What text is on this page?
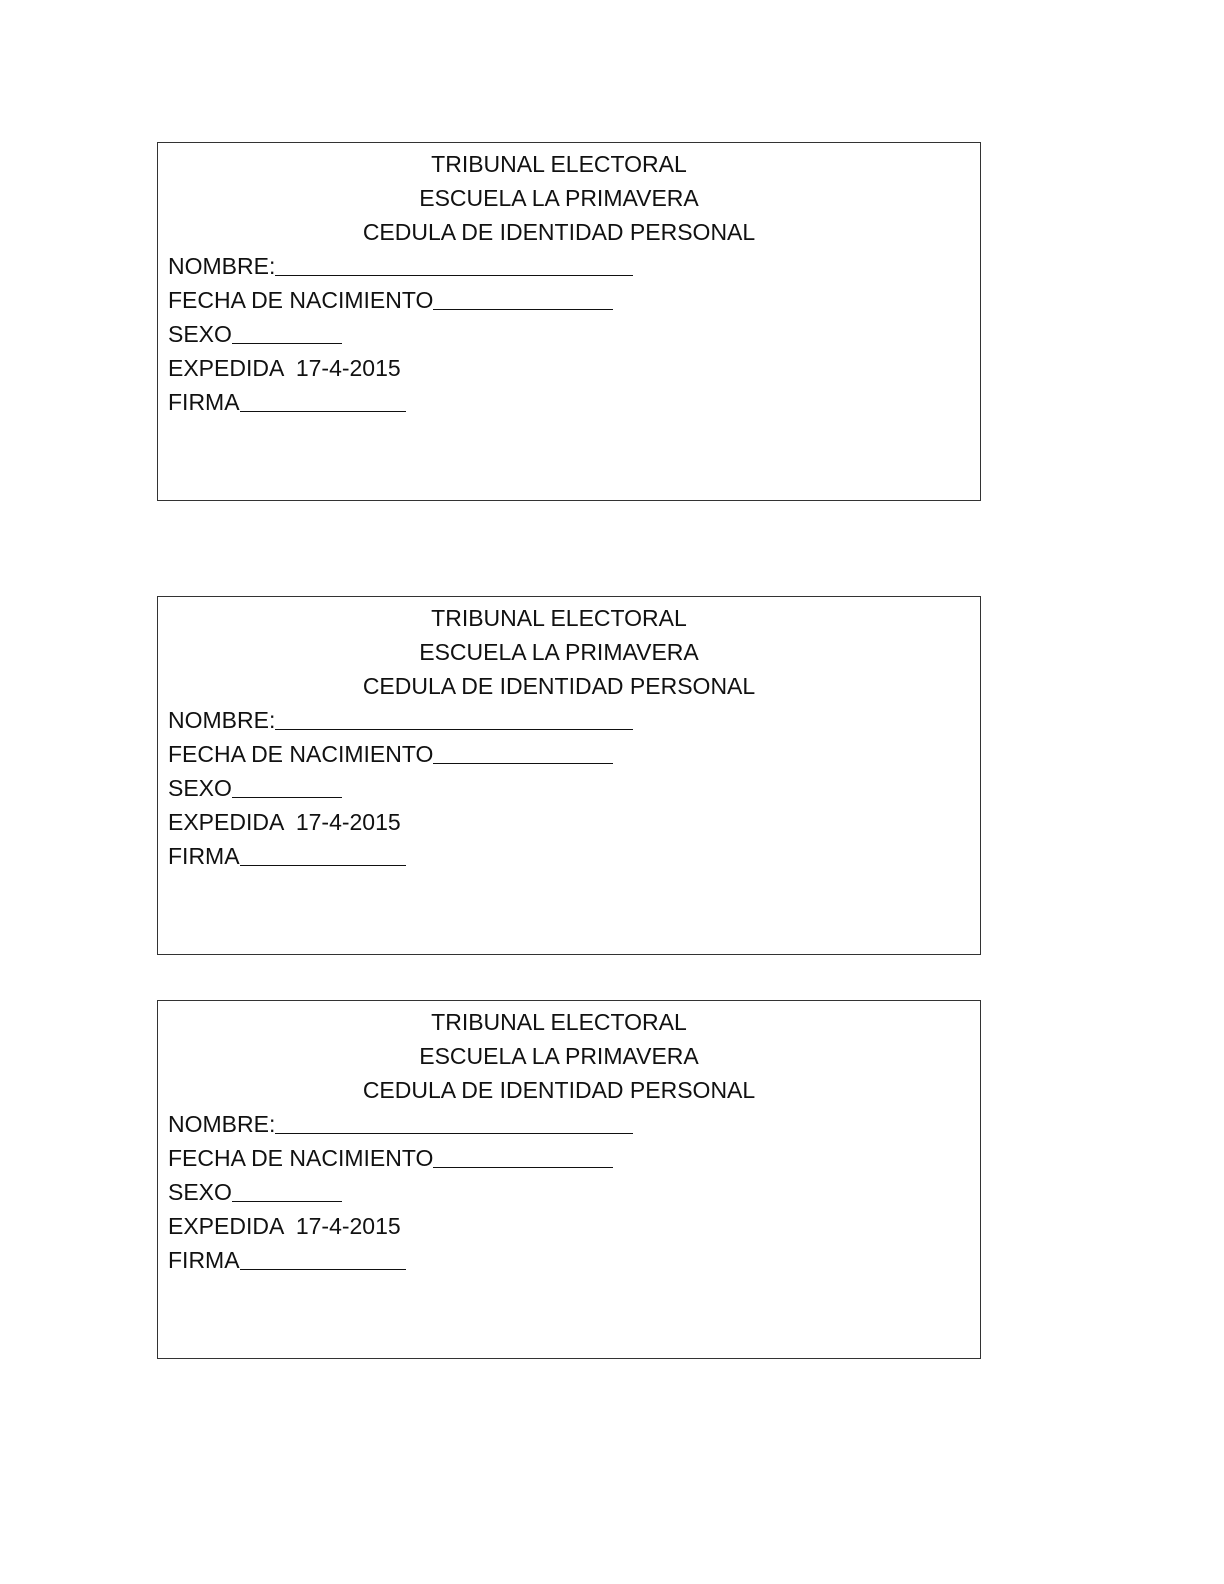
TRIBUNAL ELECTORAL
ESCUELA LA PRIMAVERA
CEDULA DE IDENTIDAD PERSONAL
NOMBRE:
FECHA DE NACIMIENTO
SEXO
EXPEDIDA  17-4-2015
FIRMA
TRIBUNAL ELECTORAL
ESCUELA LA PRIMAVERA
CEDULA DE IDENTIDAD PERSONAL
NOMBRE:
FECHA DE NACIMIENTO
SEXO
EXPEDIDA  17-4-2015
FIRMA
TRIBUNAL ELECTORAL
ESCUELA LA PRIMAVERA
CEDULA DE IDENTIDAD PERSONAL
NOMBRE:
FECHA DE NACIMIENTO
SEXO
EXPEDIDA  17-4-2015
FIRMA
